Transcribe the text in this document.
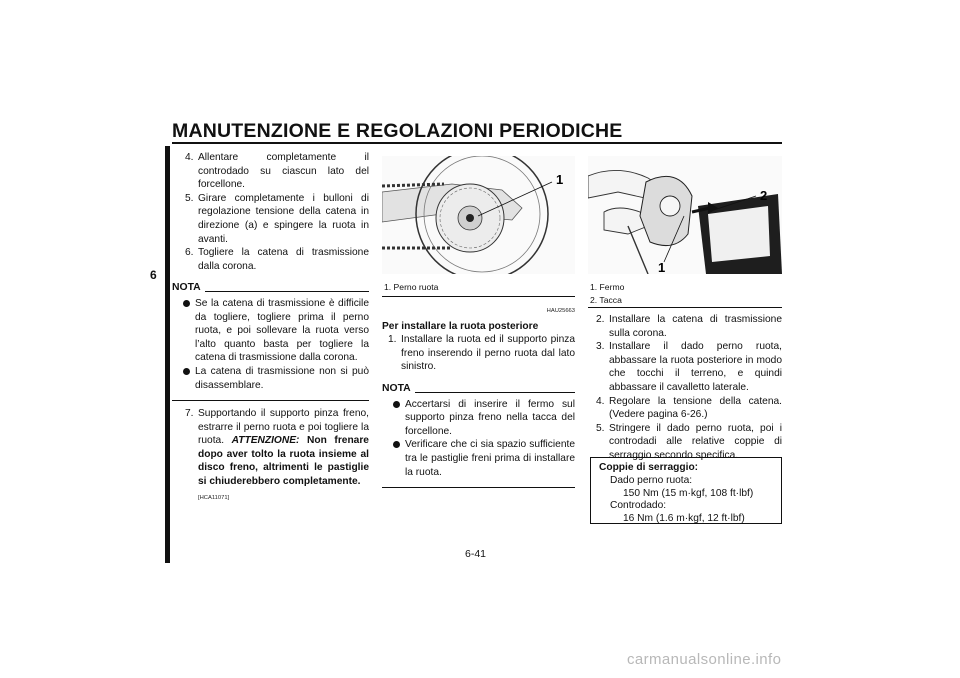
MANUTENZIONE E REGOLAZIONI PERIODICHE
6
4. Allentare completamente il controdado su ciascun lato del forcellone.
5. Girare completamente i bulloni di regolazione tensione della catena in direzione (a) e spingere la ruota in avanti.
6. Togliere la catena di trasmissione dalla corona.
NOTA
Se la catena di trasmissione è difficile da togliere, togliere prima il perno ruota, e poi sollevare la ruota verso l’alto quanto basta per togliere la catena di trasmissione dalla corona.
La catena di trasmissione non si può disassemblare.
7. Supportando il supporto pinza freno, estrarre il perno ruota e poi togliere la ruota. ATTENZIONE: Non frenare dopo aver tolto la ruota insieme al disco freno, altrimenti le pastiglie si chiuderebbero completamente.
[HCA11071]
1
1. Perno ruota
HAU25663
Per installare la ruota posteriore
1. Installare la ruota ed il supporto pinza freno inserendo il perno ruota dal lato sinistro.
NOTA
Accertarsi di inserire il fermo sul supporto pinza freno nella tacca del forcellone.
Verificare che ci sia spazio sufficiente tra le pastiglie freni prima di installare la ruota.
1
2
1. Fermo
2. Tacca
2. Installare la catena di trasmissione sulla corona.
3. Installare il dado perno ruota, abbassare la ruota posteriore in modo che tocchi il terreno, e quindi abbassare il cavalletto laterale.
4. Regolare la tensione della catena. (Vedere pagina 6-26.)
5. Stringere il dado perno ruota, poi i controdadi alle relative coppie di serraggio secondo specifica.
Coppie di serraggio:
Dado perno ruota:
150 Nm (15 m·kgf, 108 ft·lbf)
Controdado:
16 Nm (1.6 m·kgf, 12 ft·lbf)
6-41
carmanualsonline.info
